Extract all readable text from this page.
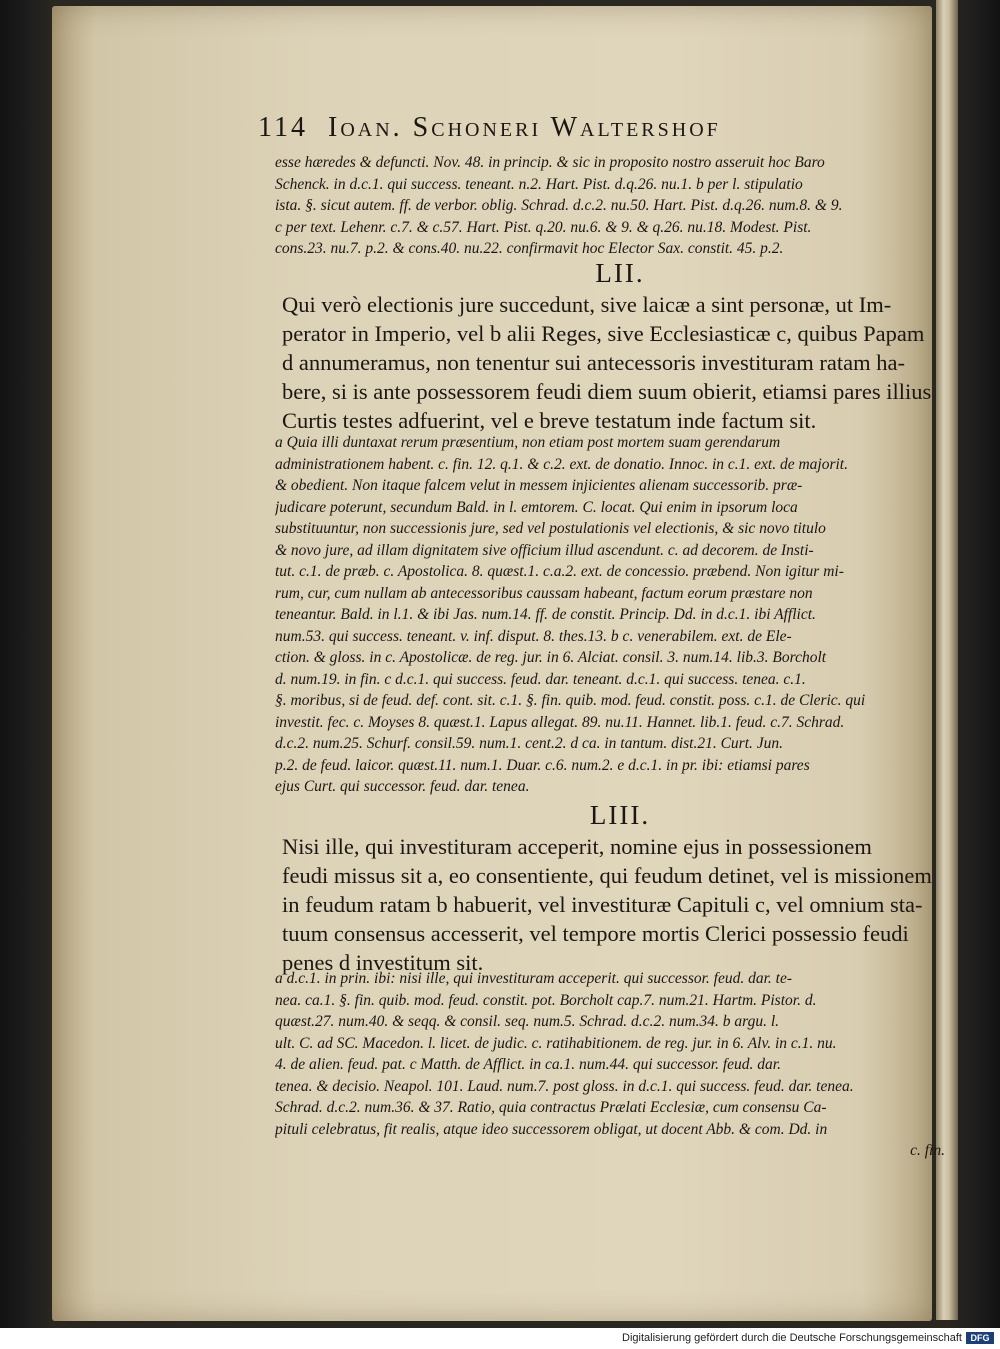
114 Ioan. Schoneri Waltershof
esse hæredes & defuncti. Nov. 48. in princip. & sic in proposito nostro asseruit hoc Baro
Schenck. in d.c.1. qui success. teneant. n.2. Hart. Pist. d.q.26. nu.1. b per l. stipulatio
ista. §. sicut autem. ff. de verbor. oblig. Schrad. d.c.2. nu.50. Hart. Pist. d.q.26. num.8. & 9.
c per text. Lehenr. c.7. & c.57. Hart. Pist. q.20. nu.6. & 9. & q.26. nu.18. Modest. Pist.
cons.23. nu.7. p.2. & cons.40. nu.22. confirmavit hoc Elector Sax. constit. 45. p.2.
LII.
Qui verò electionis jure succedunt, sive laicæ a sint personæ, ut Im-
perator in Imperio, vel b alii Reges, sive Ecclesiasticæ c, quibus Papam
d annumeramus, non tenentur sui antecessoris investituram ratam ha-
bere, si is ante possessorem feudi diem suum obierit, etiamsi pares illius
Curtis testes adfuerint, vel e breve testatum inde factum sit.
a Quia illi duntaxat rerum præsentium, non etiam post mortem suam gerendarum
administrationem habent. c. fin. 12. q.1. & c.2. ext. de donatio. Innoc. in c.1. ext. de majorit.
& obedient. Non itaque falcem velut in messem injicientes alienam successorib. præ-
judicare poterunt, secundum Bald. in l. emtorem. C. locat. Qui enim in ipsorum loca
substituuntur, non successionis jure, sed vel postulationis vel electionis, & sic novo titulo
& novo jure, ad illam dignitatem sive officium illud ascendunt. c. ad decorem. de Insti-
tut. c.1. de præb. c. Apostolica. 8. quæst.1. c.a.2. ext. de concessio. præbend. Non igitur mi-
rum, cur, cum nullam ab antecessoribus caussam habeant, factum eorum præstare non
teneantur. Bald. in l.1. & ibi Jas. num.14. ff. de constit. Princip. Dd. in d.c.1. ibi Afflict.
num.53. qui success. teneant. v. inf. disput. 8. thes.13. b c. venerabilem. ext. de Ele-
ction. & gloss. in c. Apostolicæ. de reg. jur. in 6. Alciat. consil. 3. num.14. lib.3. Borcholt
d. num.19. in fin. c d.c.1. qui success. feud. dar. teneant. d.c.1. qui success. tenea. c.1.
§. moribus, si de feud. def. cont. sit. c.1. §. fin. quib. mod. feud. constit. poss. c.1. de Cleric. qui
investit. fec. c. Moyses 8. quæst.1. Lapus allegat. 89. nu.11. Hannet. lib.1. feud. c.7. Schrad.
d.c.2. num.25. Schurf. consil.59. num.1. cent.2. d ca. in tantum. dist.21. Curt. Jun.
p.2. de feud. laicor. quæst.11. num.1. Duar. c.6. num.2. e d.c.1. in pr. ibi: etiamsi pares
ejus Curt. qui successor. feud. dar. tenea.
LIII.
Nisi ille, qui investituram acceperit, nomine ejus in possessionem
feudi missus sit a, eo consentiente, qui feudum detinet, vel is missionem
in feudum ratam b habuerit, vel investituræ Capituli c, vel omnium sta-
tuum consensus accesserit, vel tempore mortis Clerici possessio feudi
penes d investitum sit.
a d.c.1. in prin. ibi: nisi ille, qui investituram acceperit. qui successor. feud. dar. te-
nea. ca.1. §. fin. quib. mod. feud. constit. pot. Borcholt cap.7. num.21. Hartm. Pistor. d.
quæst.27. num.40. & seqq. & consil. seq. num.5. Schrad. d.c.2. num.34. b argu. l.
ult. C. ad SC. Macedon. l. licet. de judic. c. ratihabitionem. de reg. jur. in 6. Alv. in c.1. nu.
4. de alien. feud. pat. c Matth. de Afflict. in ca.1. num.44. qui successor. feud. dar.
tenea. & decisio. Neapol. 101. Laud. num.7. post gloss. in d.c.1. qui success. feud. dar. tenea.
Schrad. d.c.2. num.36. & 37. Ratio, quia contractus Prælati Ecclesiæ, cum consensu Ca-
pituli celebratus, fit realis, atque ideo successorem obligat, ut docent Abb. & com. Dd. in
c. fin.
Digitalisierung gefördert durch die Deutsche Forschungsgemeinschaft DFG
